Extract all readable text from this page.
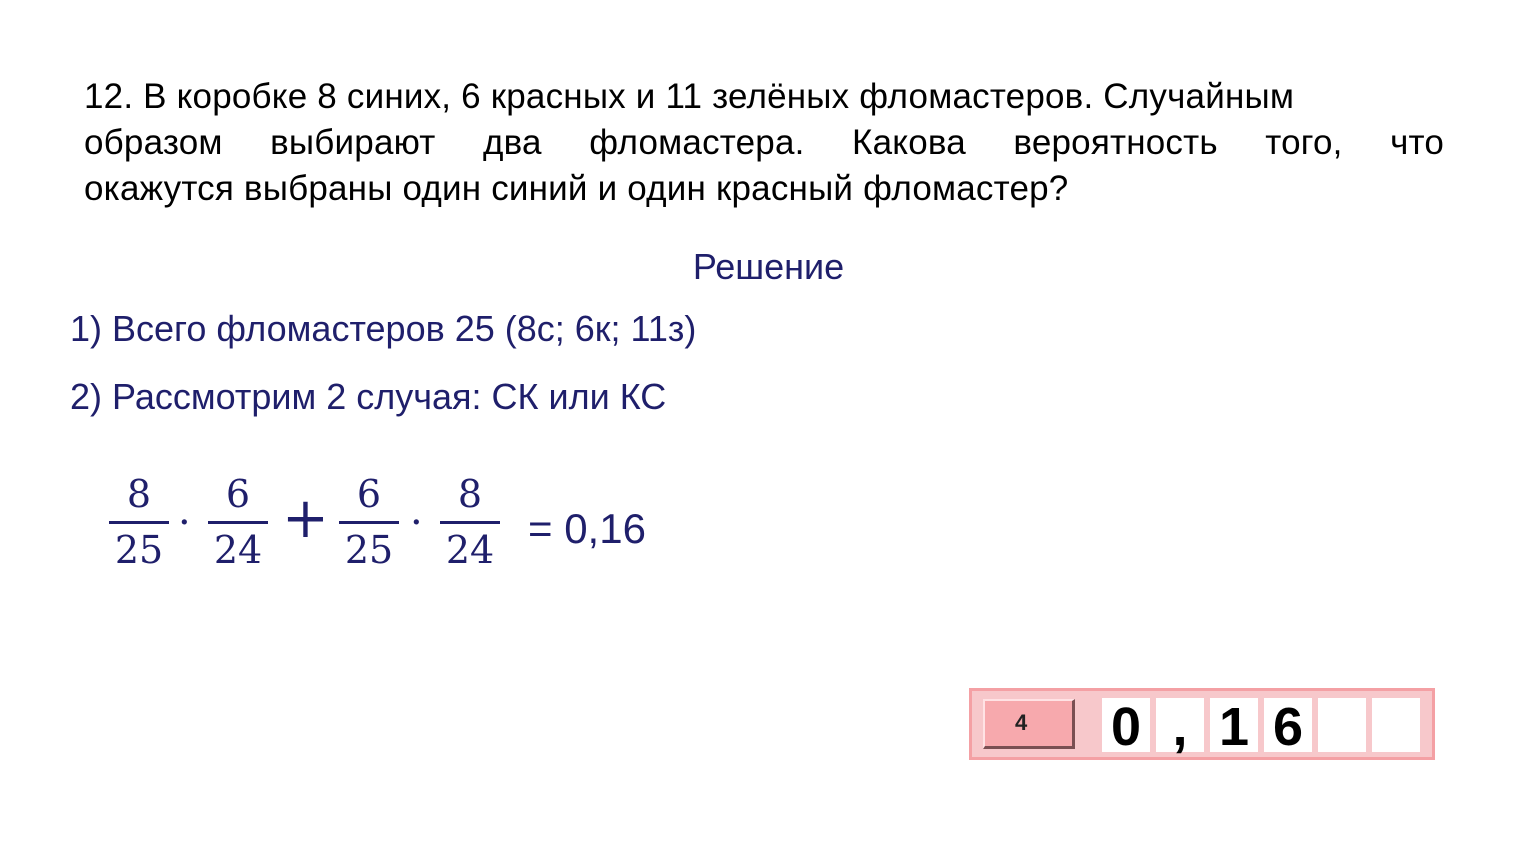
12. В коробке 8 синих, 6 красных и 11 зелёных фломастеров. Случайным
образом выбирают два фломастера. Какова вероятность того, что
окажутся выбраны один синий и один красный фломастер?
Решение
1) Всего фломастеров 25 (8с; 6к; 11з)
2) Рассмотрим 2 случая: СК или КС
8
25
·
6
24 + 6
25
·
8
24 = 0,16
4	0 , 1 6
